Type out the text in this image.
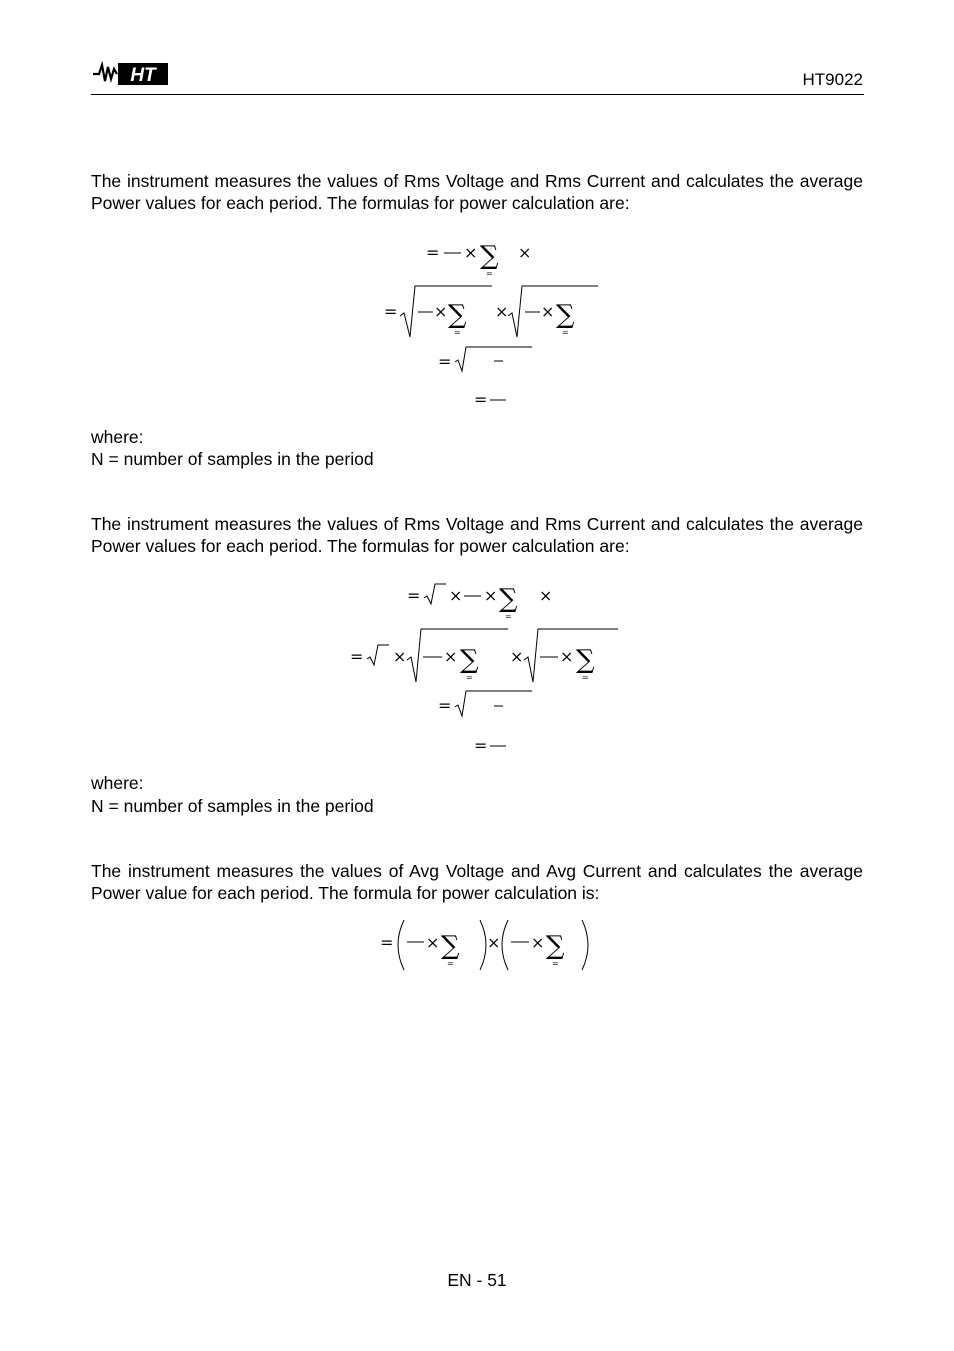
HT	HT9022

The instrument measures the values of Rms Voltage and Rms Current and calculates the average Power values for each period. The formulas for power calculation are:

= × ∑
=
×
= × ∑
=
× × ∑
=
=
=
where:
N = number of samples in the period

The instrument measures the values of Rms Voltage and Rms Current and calculates the average Power values for each period. The formulas for power calculation are:

= × × ∑
=
×
= × × ∑
=
× × ∑
=
=
=
where:
N = number of samples in the period

The instrument measures the values of Avg Voltage and Avg Current and calculates the average Power value for each period. The formula for power calculation is:

= × ∑
=
× × ∑
=
EN - 51
